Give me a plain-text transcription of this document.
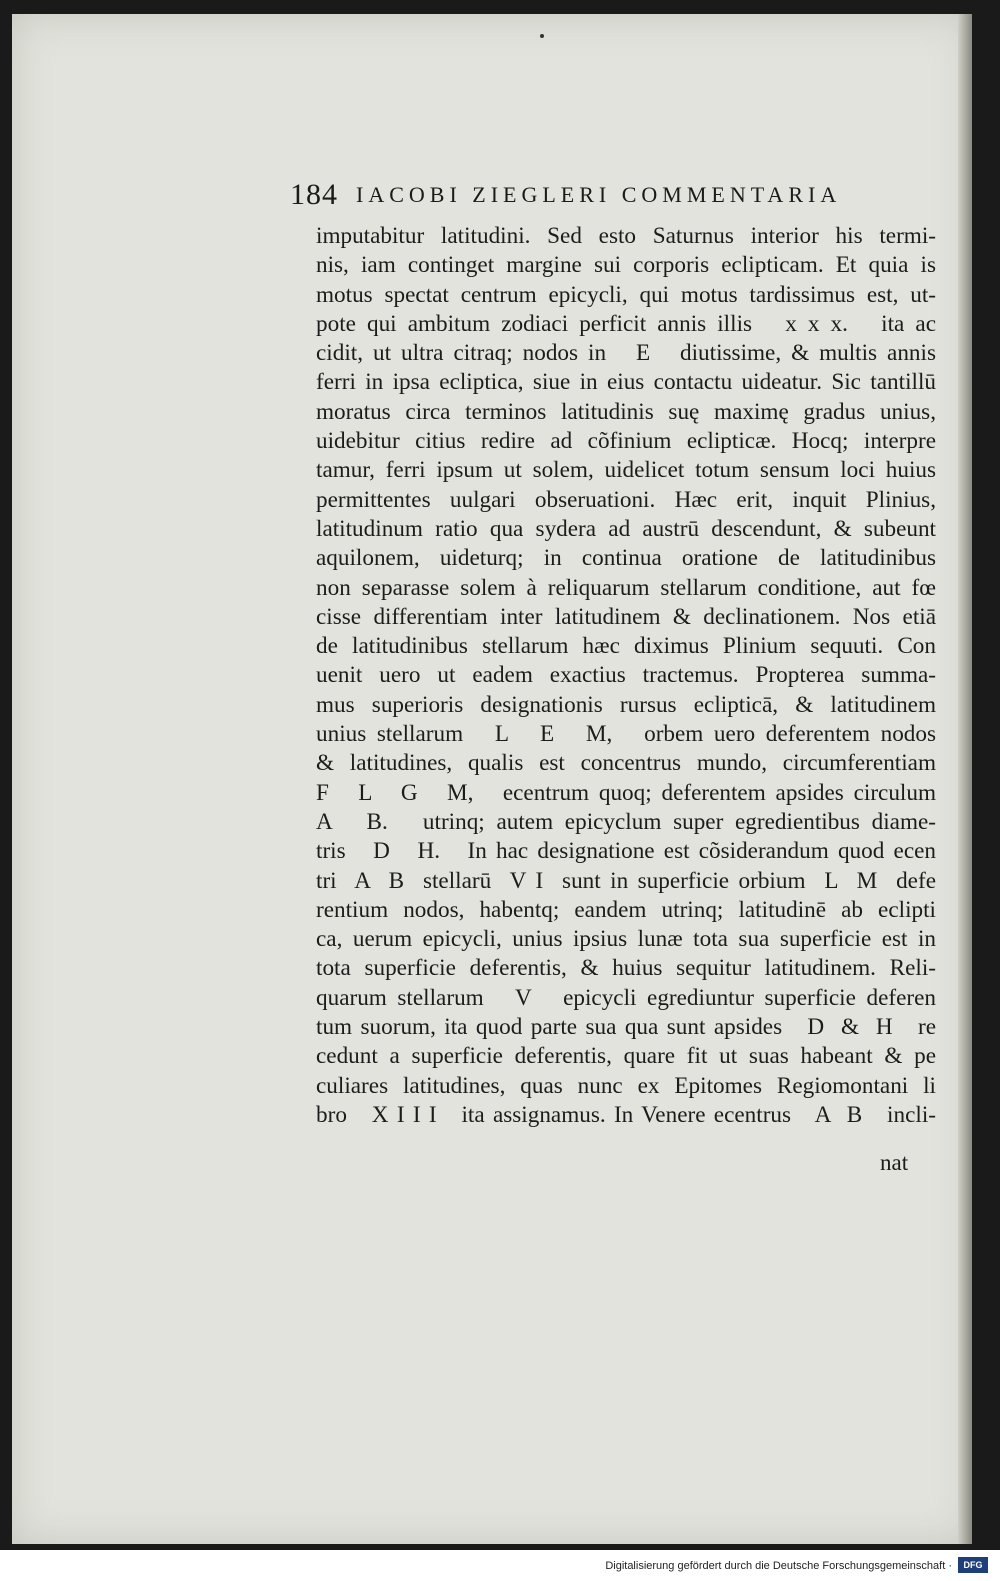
184 IACOBI ZIEGLERI COMMENTARIA
imputabitur latitudini. Sed esto Saturnus interior his termi-
nis, iam continget margine sui corporis eclipticam. Et quia is
motus spectat centrum epicycli, qui motus tardissimus est, ut-
pote qui ambitum zodiaci perficit annis illis   x x x.   ita ac
cidit, ut ultra citraq; nodos in   E   diutissime, & multis annis
ferri in ipsa ecliptica, siue in eius contactu uideatur. Sic tantillū
moratus circa terminos latitudinis suę maximę gradus unius,
uidebitur citius redire ad cõfinium eclipticæ. Hocq; interpre
tamur, ferri ipsum ut solem, uidelicet totum sensum loci huius
permittentes uulgari obseruationi. Hæc erit, inquit Plinius,
latitudinum ratio qua sydera ad austrū descendunt, & subeunt
aquilonem, uideturq; in continua oratione de latitudinibus
non separasse solem à reliquarum stellarum conditione, aut fœ
cisse differentiam inter latitudinem & declinationem. Nos etiā
de latitudinibus stellarum hæc diximus Plinium sequuti. Con
uenit uero ut eadem exactius tractemus. Propterea summa-
mus superioris designationis rursus eclipticā, & latitudinem
unius stellarum   L   E   M,   orbem uero deferentem nodos
& latitudines, qualis est concentrus mundo, circumferentiam
F   L   G   M,   ecentrum quoq; deferentem apsides circulum
A   B.   utrinq; autem epicyclum super egredientibus diame-
tris   D   H.   In hac designatione est cõsiderandum quod ecen
tri  A  B  stellarū  V I  sunt in superficie orbium  L  M  defe
rentium nodos, habentq; eandem utrinq; latitudinē ab eclipti
ca, uerum epicycli, unius ipsius lunæ tota sua superficie est in
tota superficie deferentis, & huius sequitur latitudinem. Reli-
quarum stellarum   V   epicycli egrediuntur superficie deferen
tum suorum, ita quod parte sua qua sunt apsides   D  &  H   re
cedunt a superficie deferentis, quare fit ut suas habeant & pe
culiares latitudines, quas nunc ex Epitomes Regiomontani li
bro   X I I I   ita assignamus. In Venere ecentrus   A  B   incli-
nat
Digitalisierung gefördert durch die Deutsche Forschungsgemeinschaft ·	DFG
